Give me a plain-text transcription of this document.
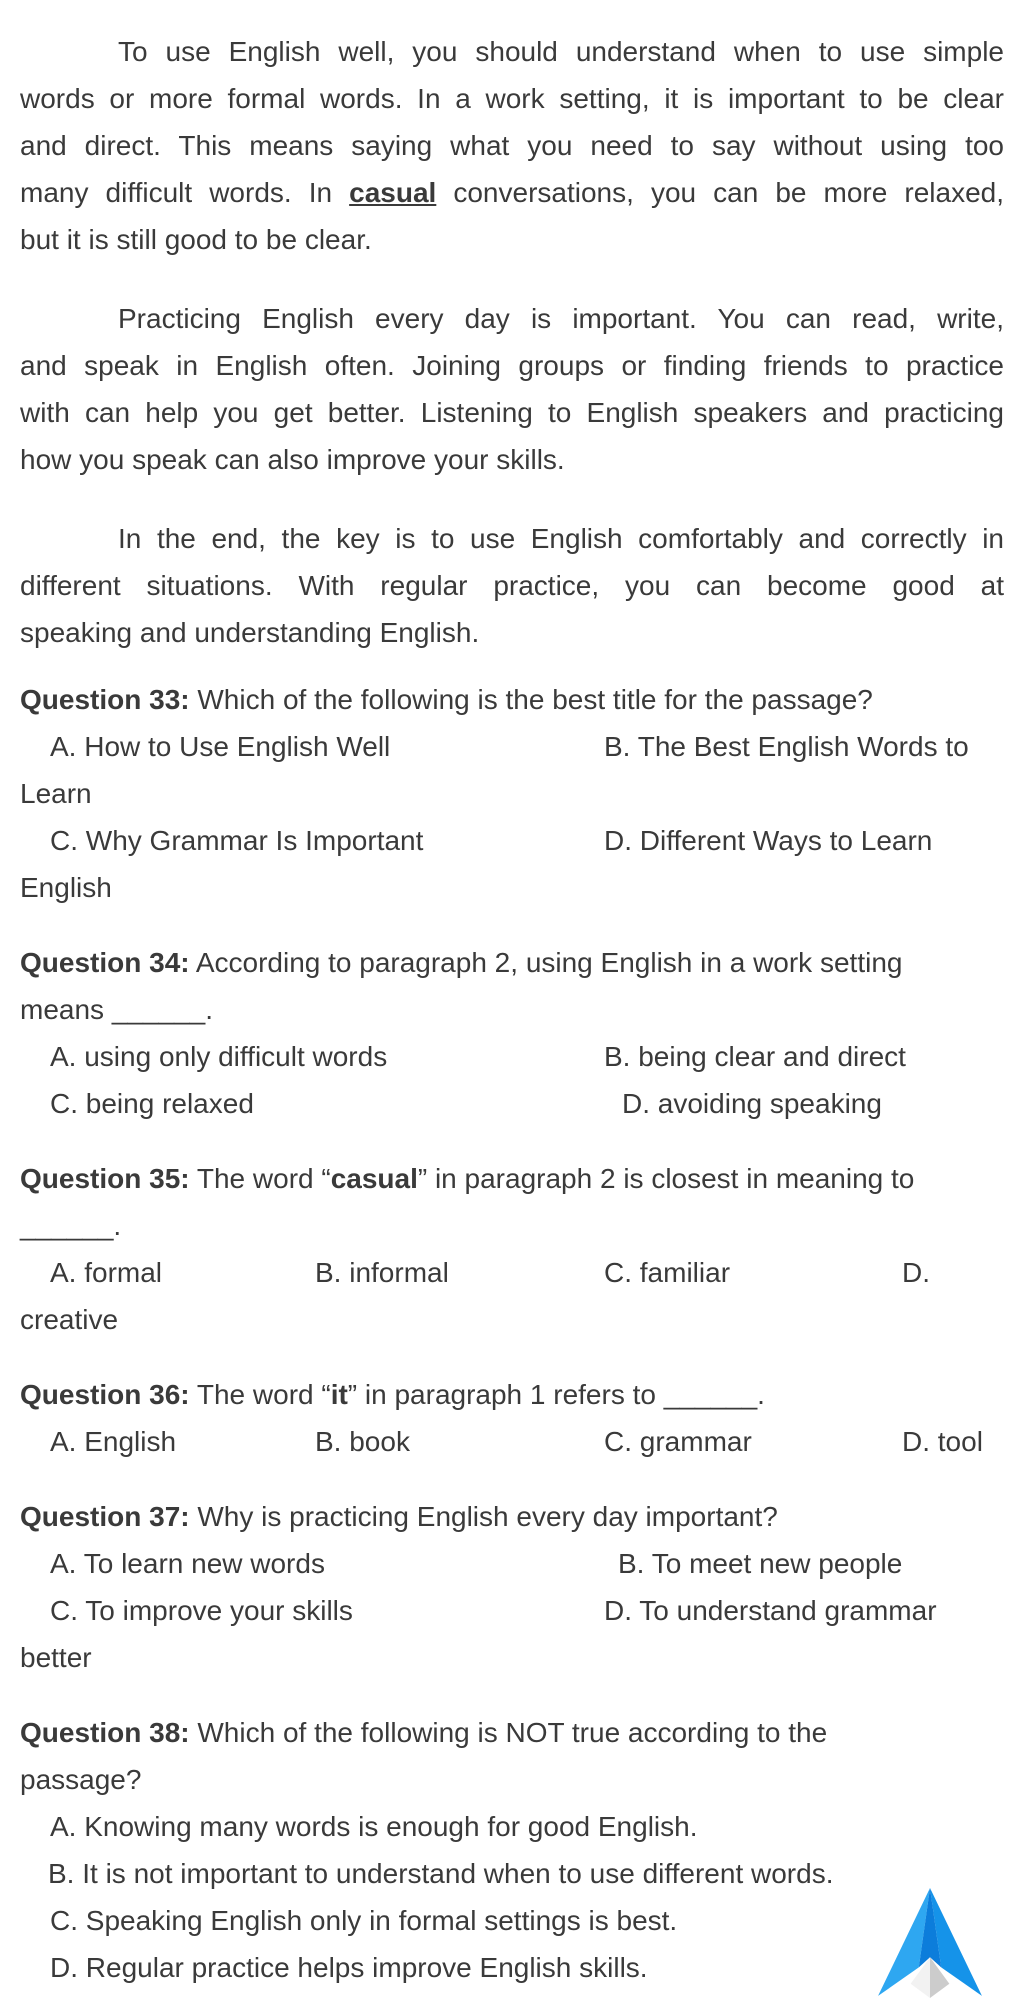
To use English well, you should understand when to use simple
words or more formal words. In a work setting, it is important to be clear
and direct. This means saying what you need to say without using too
many difficult words. In casual conversations, you can be more relaxed,
but it is still good to be clear.
Practicing English every day is important. You can read, write,
and speak in English often. Joining groups or finding friends to practice
with can help you get better. Listening to English speakers and practicing
how you speak can also improve your skills.
In the end, the key is to use English comfortably and correctly in
different situations. With regular practice, you can become good at
speaking and understanding English.
Question 33: Which of the following is the best title for the passage?
A. How to Use English Well	B. The Best English Words to
Learn
C. Why Grammar Is Important	D. Different Ways to Learn
English
Question 34: According to paragraph 2, using English in a work setting
means ______.
A. using only difficult words	B. being clear and direct
C. being relaxed	D. avoiding speaking
Question 35: The word “casual” in paragraph 2 is closest in meaning to
______.
A. formal	B. informal	C. familiar	D.
creative
Question 36: The word “it” in paragraph 1 refers to ______.
A. English	B. book	C. grammar	D. tool
Question 37: Why is practicing English every day important?
A. To learn new words	B. To meet new people
C. To improve your skills	D. To understand grammar
better
Question 38: Which of the following is NOT true according to the
passage?
A. Knowing many words is enough for good English.
B. It is not important to understand when to use different words.
C. Speaking English only in formal settings is best.
D. Regular practice helps improve English skills.
